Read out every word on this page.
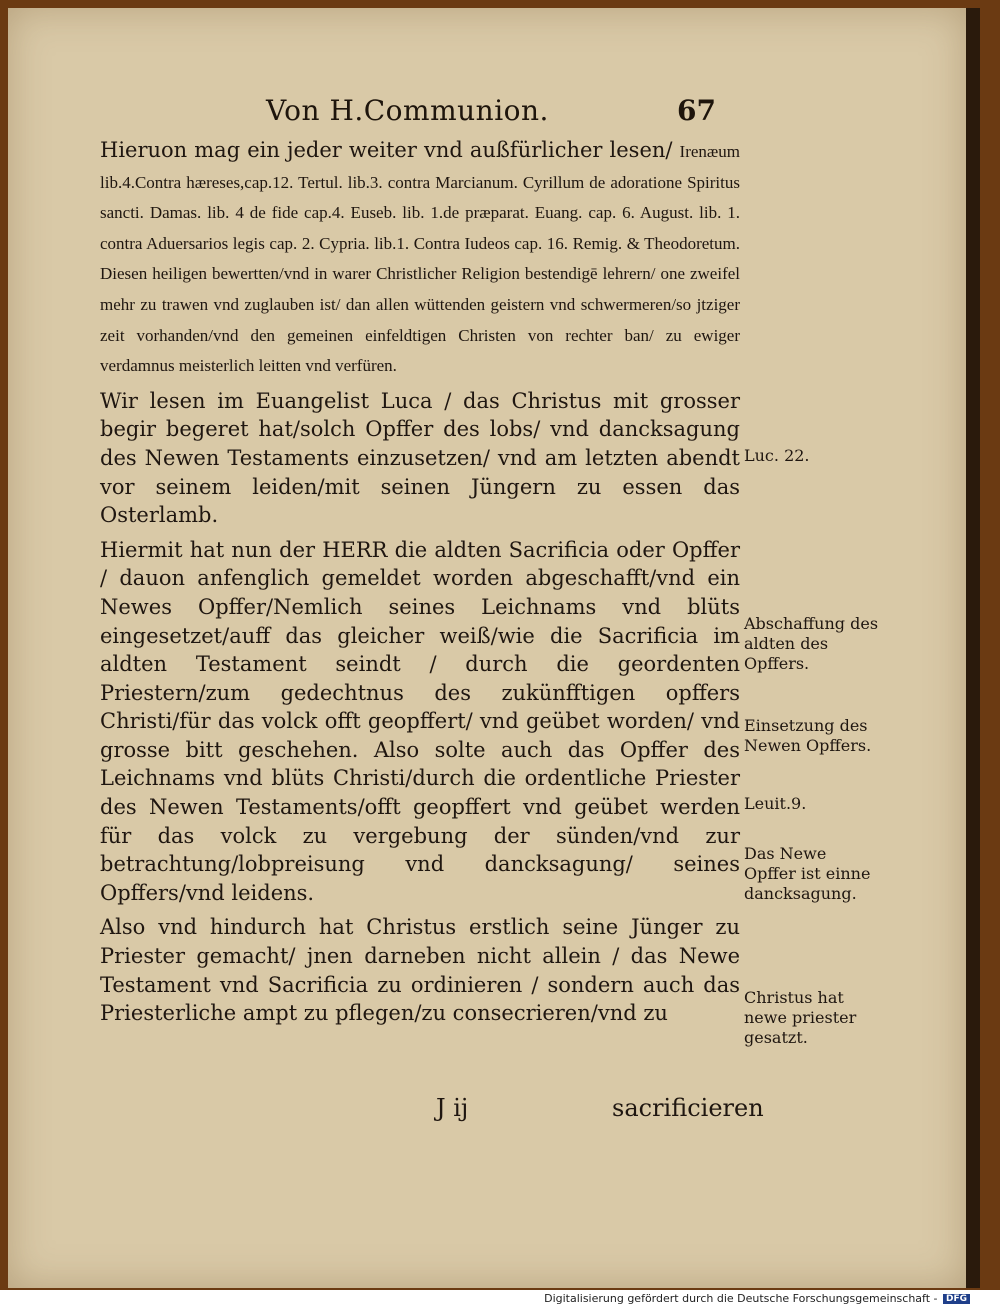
Von H.Communion.	67

Hieruon mag ein jeder weiter vnd außfürlicher lesen/ Irenæum lib.4.Contra hæreses,cap.12. Tertul. lib.3. contra Marcianum. Cyrillum de adoratione Spiritus sancti. Damas. lib. 4 de fide cap.4. Euseb. lib. 1.de præparat. Euang. cap. 6. August. lib. 1. contra Aduersarios legis cap. 2. Cypria. lib.1. Contra Iudeos cap. 16. Remig. & Theodoretum. Diesen heiligen bewertten/vnd in warer Christlicher Religion bestendigē lehrern/ one zweifel mehr zu trawen vnd zuglauben ist/ dan allen wüttenden geistern vnd schwermeren/so jtziger zeit vorhanden/vnd den gemeinen einfeldtigen Christen von rechter ban/ zu ewiger verdamnus meisterlich leitten vnd verfüren.

Wir lesen im Euangelist Luca / das Christus mit grosser begir begeret hat/solch Opffer des lobs/ vnd dancksagung des Newen Testaments einzusetzen/ vnd am letzten abendt vor seinem leiden/mit seinen Jüngern zu essen das Osterlamb.

Hiermit hat nun der HERR die aldten Sacrificia oder Opffer / dauon anfenglich gemeldet worden abgeschafft/vnd ein Newes Opffer/Nemlich seines Leichnams vnd blüts eingesetzet/auff das gleicher weiß/wie die Sacrificia im aldten Testament seindt / durch die geordenten Priestern/zum gedechtnus des zukünfftigen opffers Christi/für das volck offt geopffert/ vnd geübet worden/ vnd grosse bitt geschehen. Also solte auch das Opffer des Leichnams vnd blüts Christi/durch die ordentliche Priester des Newen Testaments/offt geopffert vnd geübet werden für das volck zu vergebung der sünden/vnd zur betrachtung/lobpreisung vnd dancksagung/ seines Opffers/vnd leidens.

Also vnd hindurch hat Christus erstlich seine Jünger zu Priester gemacht/ jnen darneben nicht allein / das Newe Testament vnd Sacrificia zu ordinieren / sondern auch das Priesterliche ampt zu pflegen/zu consecrieren/vnd zu

Luc. 22.
Abschaffung des aldten des Opffers.
Einsetzung des Newen Opffers.
Leuit.9.
Das Newe Opffer ist einne dancksagung.
Christus hat newe priester gesatzt.
J ij	sacrificieren
Digitalisierung gefördert durch die Deutsche Forschungsgemeinschaft - DFG
